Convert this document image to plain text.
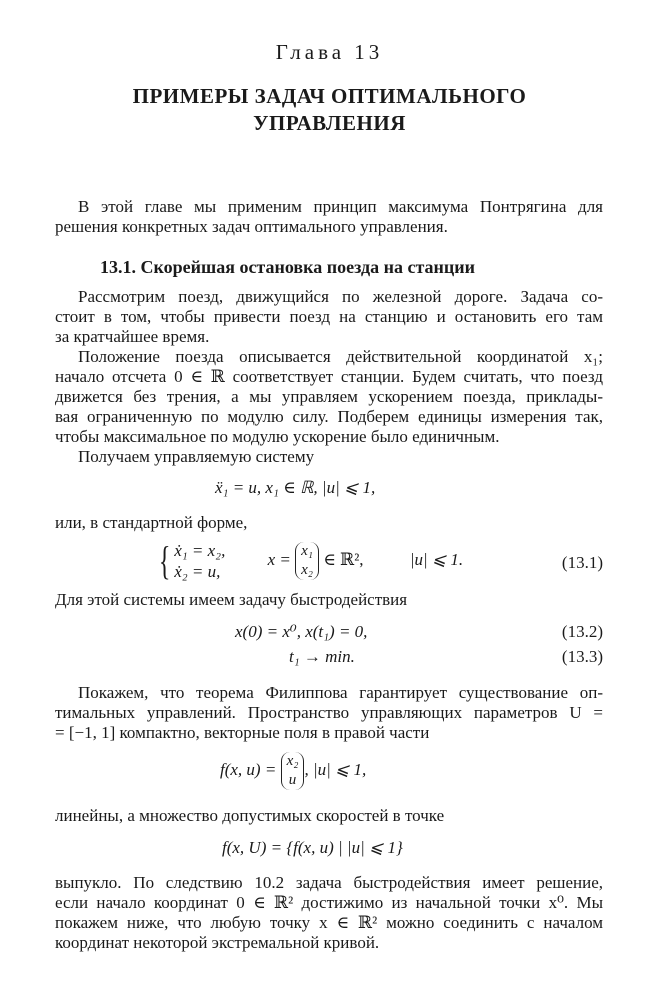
Глава 13
ПРИМЕРЫ ЗАДАЧ ОПТИМАЛЬНОГО
УПРАВЛЕНИЯ
В этой главе мы применим принцип максимума Понтрягина для
решения конкретных задач оптимального управления.
13.1. Скорейшая остановка поезда на станции
Рассмотрим поезд, движущийся по железной дороге. Задача со-
стоит в том, чтобы привести поезд на станцию и остановить его там
за кратчайшее время.
Положение поезда описывается действительной координатой x₁;
начало отсчета 0 ∈ ℝ соответствует станции. Будем считать, что поезд
движется без трения, а мы управляем ускорением поезда, приклады-
вая ограниченную по модулю силу. Подберем единицы измерения так,
чтобы максимальное по модулю ускорение было единичным.
Получаем управляемую систему
ẍ₁ = u, x₁ ∈ ℝ, |u| ⩽ 1,
или, в стандартной форме,
{ ẋ₁ = x₂,
ẋ₂ = u,
x = x₁
x₂
∈ ℝ²,	|u| ⩽ 1.	(13.1)
Для этой системы имеем задачу быстродействия
x(0) = x⁰, x(t₁) = 0,	(13.2)
t₁ → min.	(13.3)
Покажем, что теорема Филиппова гарантирует существование оп-
тимальных управлений. Пространство управляющих параметров U =
= [−1, 1] компактно, векторные поля в правой части
f(x, u) = x₂
u
, |u| ⩽ 1,
линейны, а множество допустимых скоростей в точке
f(x, U) = {f(x, u) | |u| ⩽ 1}
выпукло. По следствию 10.2 задача быстродействия имеет решение,
если начало координат 0 ∈ ℝ² достижимо из начальной точки x⁰. Мы
покажем ниже, что любую точку x ∈ ℝ² можно соединить с началом
координат некоторой экстремальной кривой.
